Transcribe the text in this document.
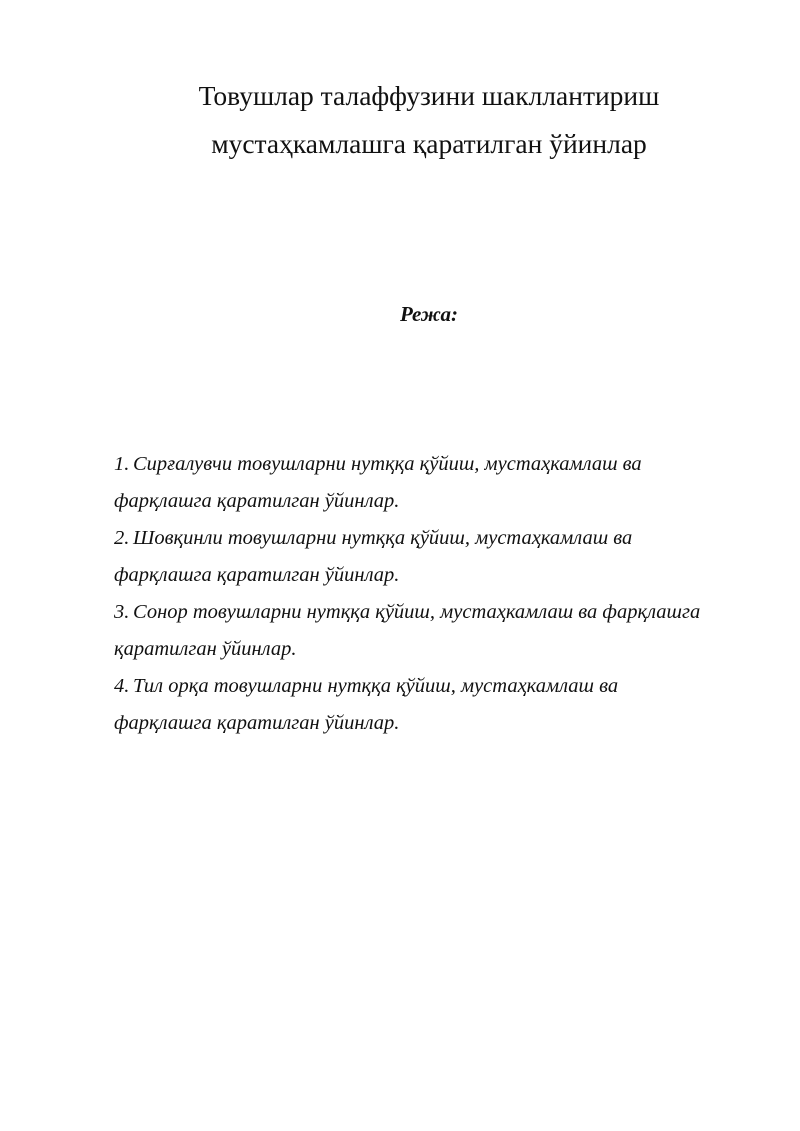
Товушлар талаффузини шакллантириш
мустаҳкамлашга қаратилган ўйинлар
Режа:

1. Сирғалувчи товушларни нутққа қўйиш, мустаҳкамлаш ва

фарқлашга қаратилган ўйинлар.

2. Шовқинли товушларни нутққа қўйиш, мустаҳкамлаш ва

фарқлашга қаратилган ўйинлар.

3. Сонор товушларни нутққа қўйиш, мустаҳкамлаш ва фарқлашга

қаратилган ўйинлар.

4. Тил орқа товушларни нутққа қўйиш, мустаҳкамлаш ва

фарқлашга қаратилган ўйинлар.
